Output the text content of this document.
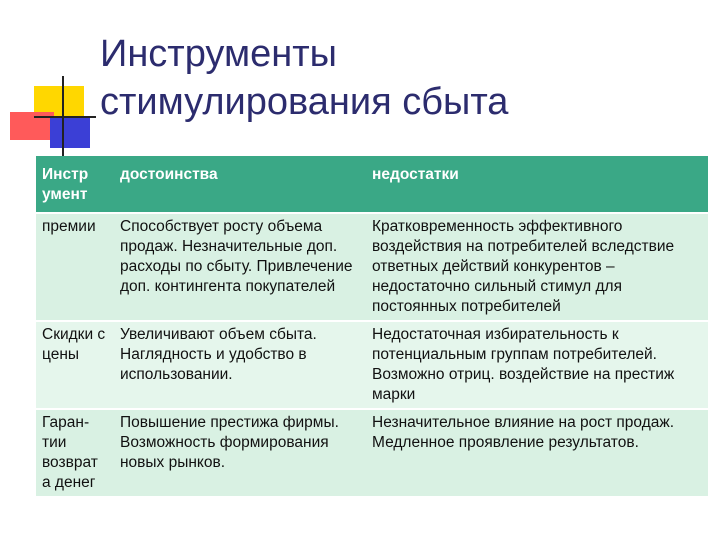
Инструменты
стимулирования сбыта
Инстр умент	достоинства	недостатки
премии	Способствует росту объема продаж. Незначительные доп. расходы по сбыту. Привлечение доп. контингента покупателей	Кратковременность эффективного воздействия на потребителей вследствие ответных действий конкурентов – недостаточно сильный стимул для постоянных потребителей
Скидки с цены	Увеличивают объем сбыта. Наглядность и удобство в использовании.	Недостаточная избирательность к потенциальным группам потребителей. Возможно отриц. воздействие на престиж марки
Гаран-тии возврат а денег	Повышение престижа фирмы. Возможность формирования новых рынков.	Незначительное влияние на рост продаж. Медленное проявление результатов.
